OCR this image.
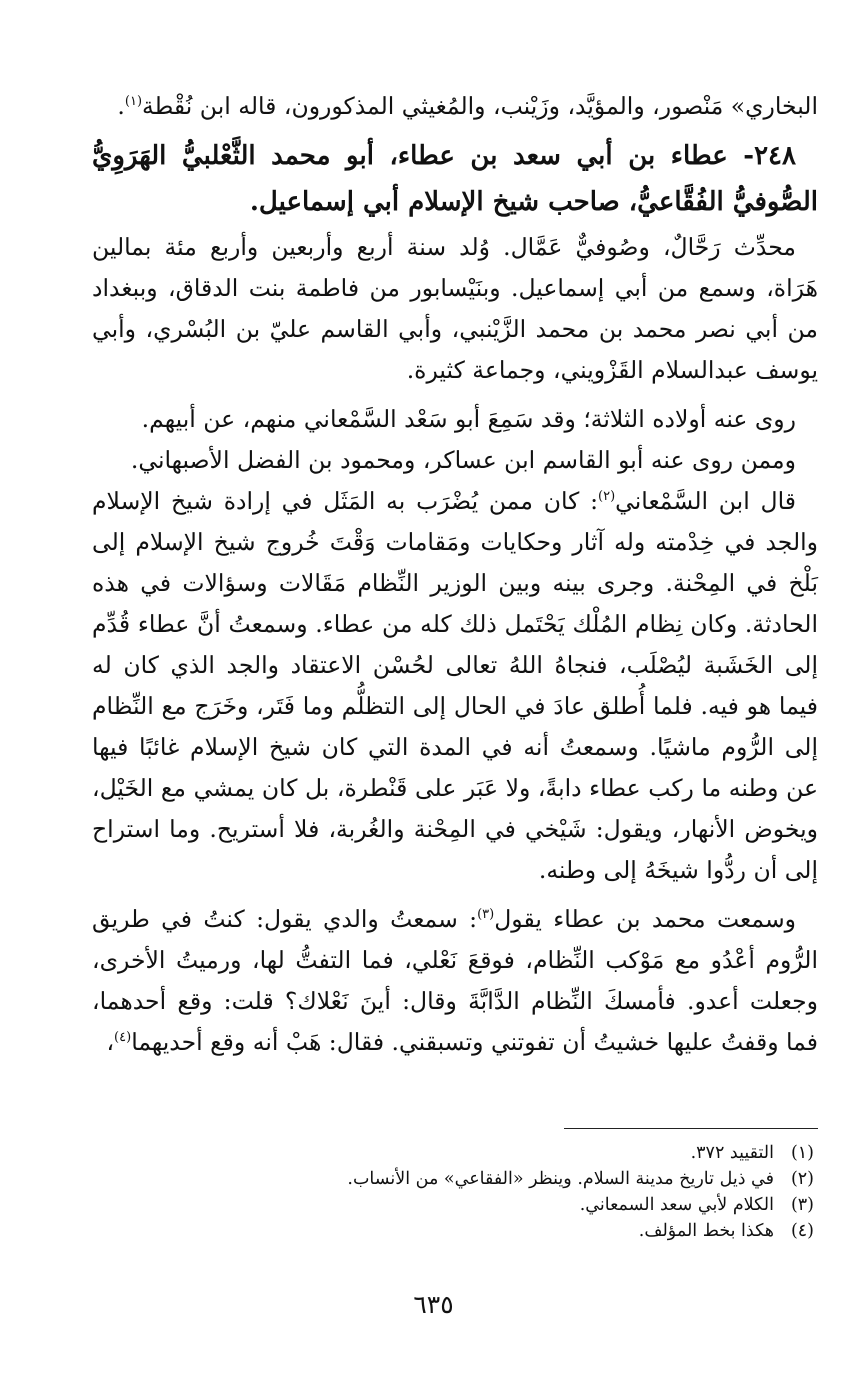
البخاري» مَنْصور، والمؤيَّد، وزَيْنب، والمُغيثي المذكورون، قاله ابن نُقْطة$^{(١)}$.

٢٤٨- عطاء بن أبي سعد بن عطاء، أبو محمد الثَّعْلبيُّ الهَرَوِيُّ الصُّوفيُّ الفُقَّاعيُّ، صاحب شيخ الإسلام أبي إسماعيل.

محدِّث رَحَّالٌ، وصُوفيٌّ عَمَّال. وُلد سنة أربع وأربعين وأربع مئة بمالين هَرَاة، وسمع من أبي إسماعيل. وبنَيْسابور من فاطمة بنت الدقاق، وببغداد من أبي نصر محمد بن محمد الزَّيْنبي، وأبي القاسم عليّ بن البُسْري، وأبي يوسف عبدالسلام القَزْويني، وجماعة كثيرة.

روى عنه أولاده الثلاثة؛ وقد سَمِعَ أبو سَعْد السَّمْعاني منهم، عن أبيهم.

وممن روى عنه أبو القاسم ابن عساكر، ومحمود بن الفضل الأصبهاني.

قال ابن السَّمْعاني$^{(٢)}$: كان ممن يُضْرَب به المَثَل في إرادة شيخ الإسلام والجد في خِدْمته وله آثار وحكايات ومَقامات وَقْتَ خُروج شيخ الإسلام إلى بَلْخ في المِحْنة. وجرى بينه وبين الوزير النِّظام مَقَالات وسؤالات في هذه الحادثة. وكان نِظام المُلْك يَحْتَمل ذلك كله من عطاء. وسمعتُ أنَّ عطاء قُدِّم إلى الخَشَبة ليُصْلَب، فنجاهُ اللهُ تعالى لحُسْن الاعتقاد والجد الذي كان له فيما هو فيه. فلما أُطلق عادَ في الحال إلى التظلُّم وما فَتَر، وخَرَج مع النِّظام إلى الرُّوم ماشيًا. وسمعتُ أنه في المدة التي كان شيخ الإسلام غائبًا فيها عن وطنه ما ركب عطاء دابةً، ولا عَبَر على قَنْطرة، بل كان يمشي مع الخَيْل، ويخوض الأنهار، ويقول: شَيْخي في المِحْنة والغُربة، فلا أستريح. وما استراح إلى أن ردُّوا شيخَهُ إلى وطنه.

وسمعت محمد بن عطاء يقول$^{(٣)}$: سمعتُ والدي يقول: كنتُ في طريق الرُّوم أعْدُو مع مَوْكب النِّظام، فوقعَ نَعْلي، فما التفتُّ لها، ورميتُ الأخرى، وجعلت أعدو. فأمسكَ النِّظام الدَّابَّةَ وقال: أينَ نَعْلاك؟ قلت: وقع أحدهما، فما وقفتُ عليها خشيتُ أن تفوتني وتسبقني. فقال: هَبْ أنه وقع أحديهما$^{(٤)}$،

(١)
التقييد ٣٧٢.
(٢)
في ذيل تاريخ مدينة السلام. وينظر «الفقاعي» من الأنساب.
(٣)
الكلام لأبي سعد السمعاني.
(٤)
هكذا بخط المؤلف.
٦٣٥
